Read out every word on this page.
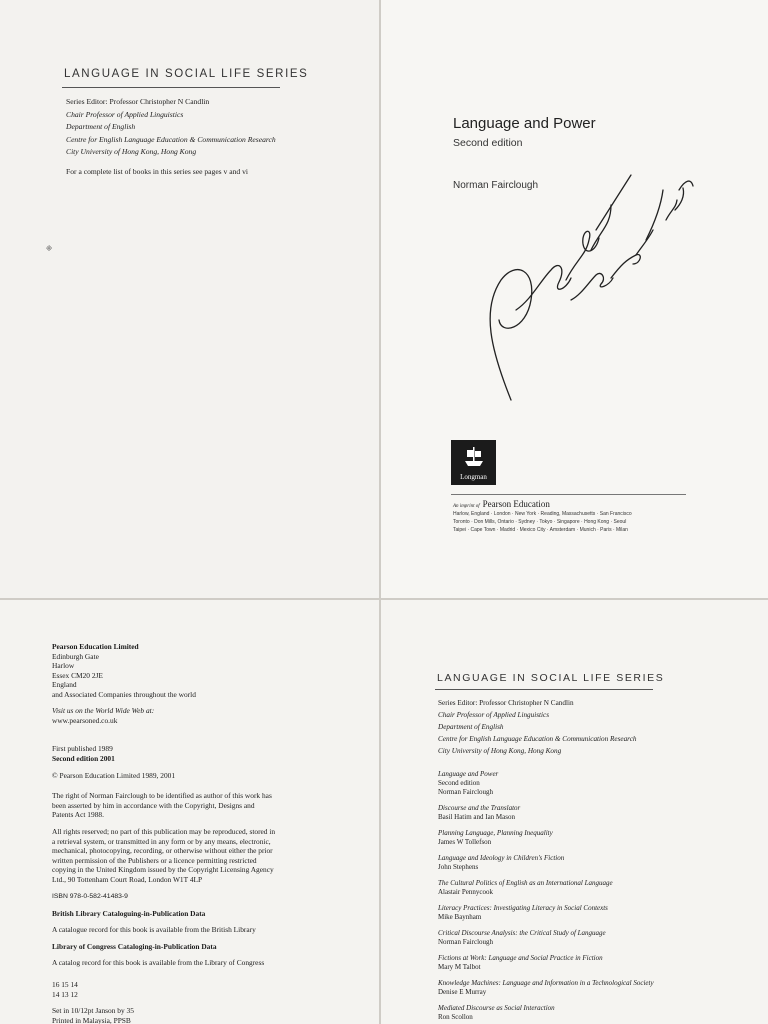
LANGUAGE IN SOCIAL LIFE SERIES
Series Editor: Professor Christopher N Candlin
Chair Professor of Applied Linguistics
Department of English
Centre for English Language Education & Communication Research
City University of Hong Kong, Hong Kong
For a complete list of books in this series see pages v and vi
፠
Language and Power
Second edition
Norman Fairclough
Longman
An imprint of Pearson Education
Harlow, England · London · New York · Reading, Massachusetts · San Francisco
Toronto · Don Mills, Ontario · Sydney · Tokyo · Singapore · Hong Kong · Seoul
Taipei · Cape Town · Madrid · Mexico City · Amsterdam · Munich · Paris · Milan
Pearson Education Limited
Edinburgh Gate
Harlow
Essex CM20 2JE
England
and Associated Companies throughout the world
Visit us on the World Wide Web at:
www.pearsoned.co.uk
First published 1989
Second edition 2001
© Pearson Education Limited 1989, 2001
The right of Norman Fairclough to be identified as author of this work has
been asserted by him in accordance with the Copyright, Designs and
Patents Act 1988.
All rights reserved; no part of this publication may be reproduced, stored in
a retrieval system, or transmitted in any form or by any means, electronic,
mechanical, photocopying, recording, or otherwise without either the prior
written permission of the Publishers or a licence permitting restricted
copying in the United Kingdom issued by the Copyright Licensing Agency
Ltd., 90 Tottenham Court Road, London W1T 4LP
ISBN 978-0-582-41483-9
British Library Cataloguing-in-Publication Data
A catalogue record for this book is available from the British Library
Library of Congress Cataloging-in-Publication Data
A catalog record for this book is available from the Library of Congress
16 15 14
14 13 12
Set in 10/12pt Janson by 35
Printed in Malaysia, PPSB
LANGUAGE IN SOCIAL LIFE SERIES
Series Editor: Professor Christopher N Candlin
Chair Professor of Applied Linguistics
Department of English
Centre for English Language Education & Communication Research
City University of Hong Kong, Hong Kong
Language and Power
Second edition
Norman Fairclough
Discourse and the Translator
Basil Hatim and Ian Mason
Planning Language, Planning Inequality
James W Tollefson
Language and Ideology in Children's Fiction
John Stephens
The Cultural Politics of English as an International Language
Alastair Pennycook
Literacy Practices: Investigating Literacy in Social Contexts
Mike Baynham
Critical Discourse Analysis: the Critical Study of Language
Norman Fairclough
Fictions at Work: Language and Social Practice in Fiction
Mary M Talbot
Knowledge Machines: Language and Information in a Technological Society
Denise E Murray
Mediated Discourse as Social Interaction
Ron Scollon
